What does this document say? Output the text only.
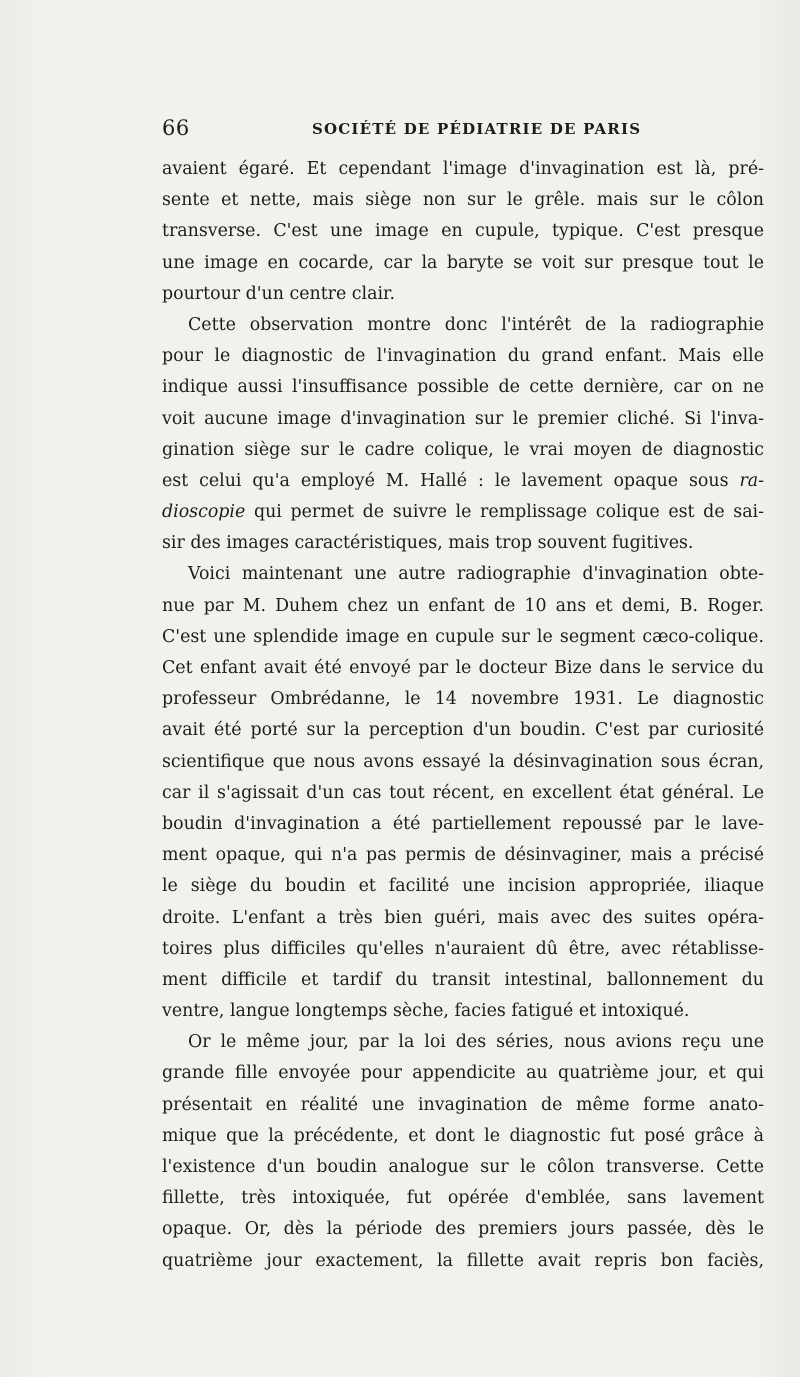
66	SOCIÉTÉ DE PÉDIATRIE DE PARIS
avaient égaré. Et cependant l'image d'invagination est là, pré-
sente et nette, mais siège non sur le grêle. mais sur le côlon
transverse. C'est une image en cupule, typique. C'est presque
une image en cocarde, car la baryte se voit sur presque tout le
pourtour d'un centre clair.
Cette observation montre donc l'intérêt de la radiographie
pour le diagnostic de l'invagination du grand enfant. Mais elle
indique aussi l'insuffisance possible de cette dernière, car on ne
voit aucune image d'invagination sur le premier cliché. Si l'inva-
gination siège sur le cadre colique, le vrai moyen de diagnostic
est celui qu'a employé M. Hallé : le lavement opaque sous ra-
dioscopie qui permet de suivre le remplissage colique est de sai-
sir des images caractéristiques, mais trop souvent fugitives.
Voici maintenant une autre radiographie d'invagination obte-
nue par M. Duhem chez un enfant de 10 ans et demi, B. Roger.
C'est une splendide image en cupule sur le segment cæco-colique.
Cet enfant avait été envoyé par le docteur Bize dans le service du
professeur Ombrédanne, le 14 novembre 1931. Le diagnostic
avait été porté sur la perception d'un boudin. C'est par curiosité
scientifique que nous avons essayé la désinvagination sous écran,
car il s'agissait d'un cas tout récent, en excellent état général. Le
boudin d'invagination a été partiellement repoussé par le lave-
ment opaque, qui n'a pas permis de désinvaginer, mais a précisé
le siège du boudin et facilité une incision appropriée, iliaque
droite. L'enfant a très bien guéri, mais avec des suites opéra-
toires plus difficiles qu'elles n'auraient dû être, avec rétablisse-
ment difficile et tardif du transit intestinal, ballonnement du
ventre, langue longtemps sèche, facies fatigué et intoxiqué.
Or le même jour, par la loi des séries, nous avions reçu une
grande fille envoyée pour appendicite au quatrième jour, et qui
présentait en réalité une invagination de même forme anato-
mique que la précédente, et dont le diagnostic fut posé grâce à
l'existence d'un boudin analogue sur le côlon transverse. Cette
fillette, très intoxiquée, fut opérée d'emblée, sans lavement
opaque. Or, dès la période des premiers jours passée, dès le
quatrième jour exactement, la fillette avait repris bon faciès,
